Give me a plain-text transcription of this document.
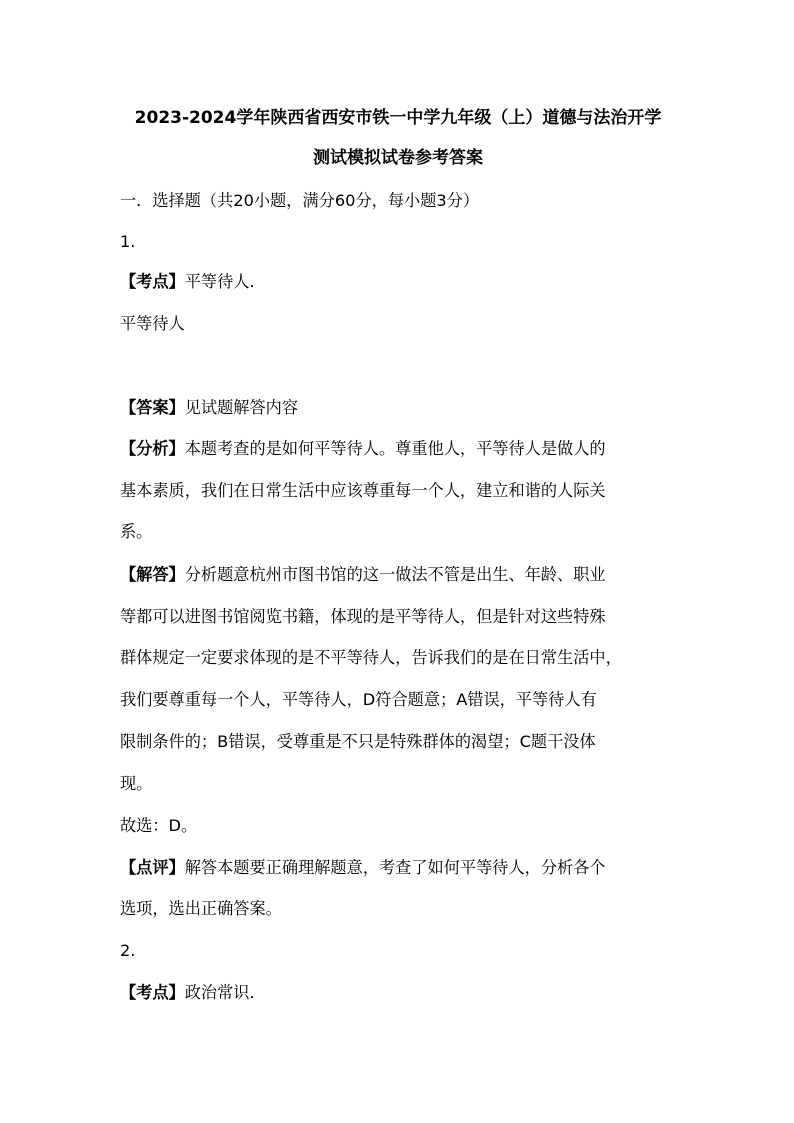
2023-2024学年陕西省西安市铁一中学九年级（上）道德与法治开学
测试模拟试卷参考答案
一．选择题（共20小题，满分60分，每小题3分）
1.
【考点】平等待人．
平等待人
【答案】见试题解答内容
【分析】本题考查的是如何平等待人。尊重他人，平等待人是做人的
基本素质，我们在日常生活中应该尊重每一个人，建立和谐的人际关
系。
【解答】分析题意杭州市图书馆的这一做法不管是出生、年龄、职业
等都可以进图书馆阅览书籍，体现的是平等待人，但是针对这些特殊
群体规定一定要求体现的是不平等待人，告诉我们的是在日常生活中，
我们要尊重每一个人，平等待人，D符合题意；A错误，平等待人有
限制条件的；B错误，受尊重是不只是特殊群体的渴望；C题干没体
现。
故选：D。
【点评】解答本题要正确理解题意，考查了如何平等待人，分析各个
选项，选出正确答案。
2.
【考点】政治常识．
